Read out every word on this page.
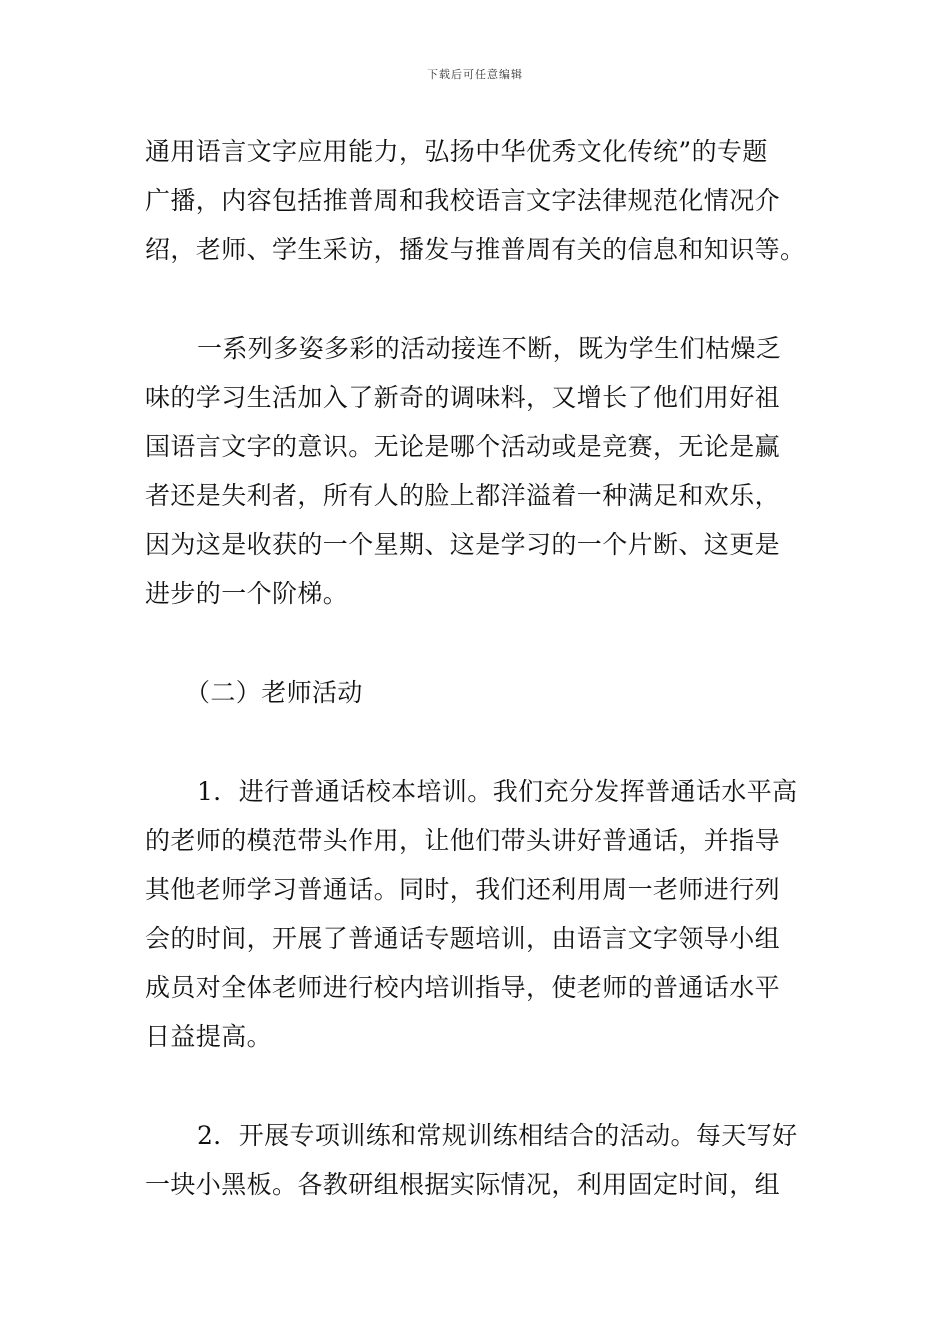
下载后可任意编辑
通用语言文字应用能力，弘扬中华优秀文化传统”的专题
广播，内容包括推普周和我校语言文字法律规范化情况介
绍，老师、学生采访，播发与推普周有关的信息和知识等。
一系列多姿多彩的活动接连不断，既为学生们枯燥乏
味的学习生活加入了新奇的调味料，又增长了他们用好祖
国语言文字的意识。无论是哪个活动或是竞赛，无论是赢
者还是失利者，所有人的脸上都洋溢着一种满足和欢乐，
因为这是收获的一个星期、这是学习的一个片断、这更是
进步的一个阶梯。
（二）老师活动
1．进行普通话校本培训。我们充分发挥普通话水平高
的老师的模范带头作用，让他们带头讲好普通话，并指导
其他老师学习普通话。同时，我们还利用周一老师进行列
会的时间，开展了普通话专题培训，由语言文字领导小组
成员对全体老师进行校内培训指导，使老师的普通话水平
日益提高。
2．开展专项训练和常规训练相结合的活动。每天写好
一块小黑板。各教研组根据实际情况，利用固定时间，组
